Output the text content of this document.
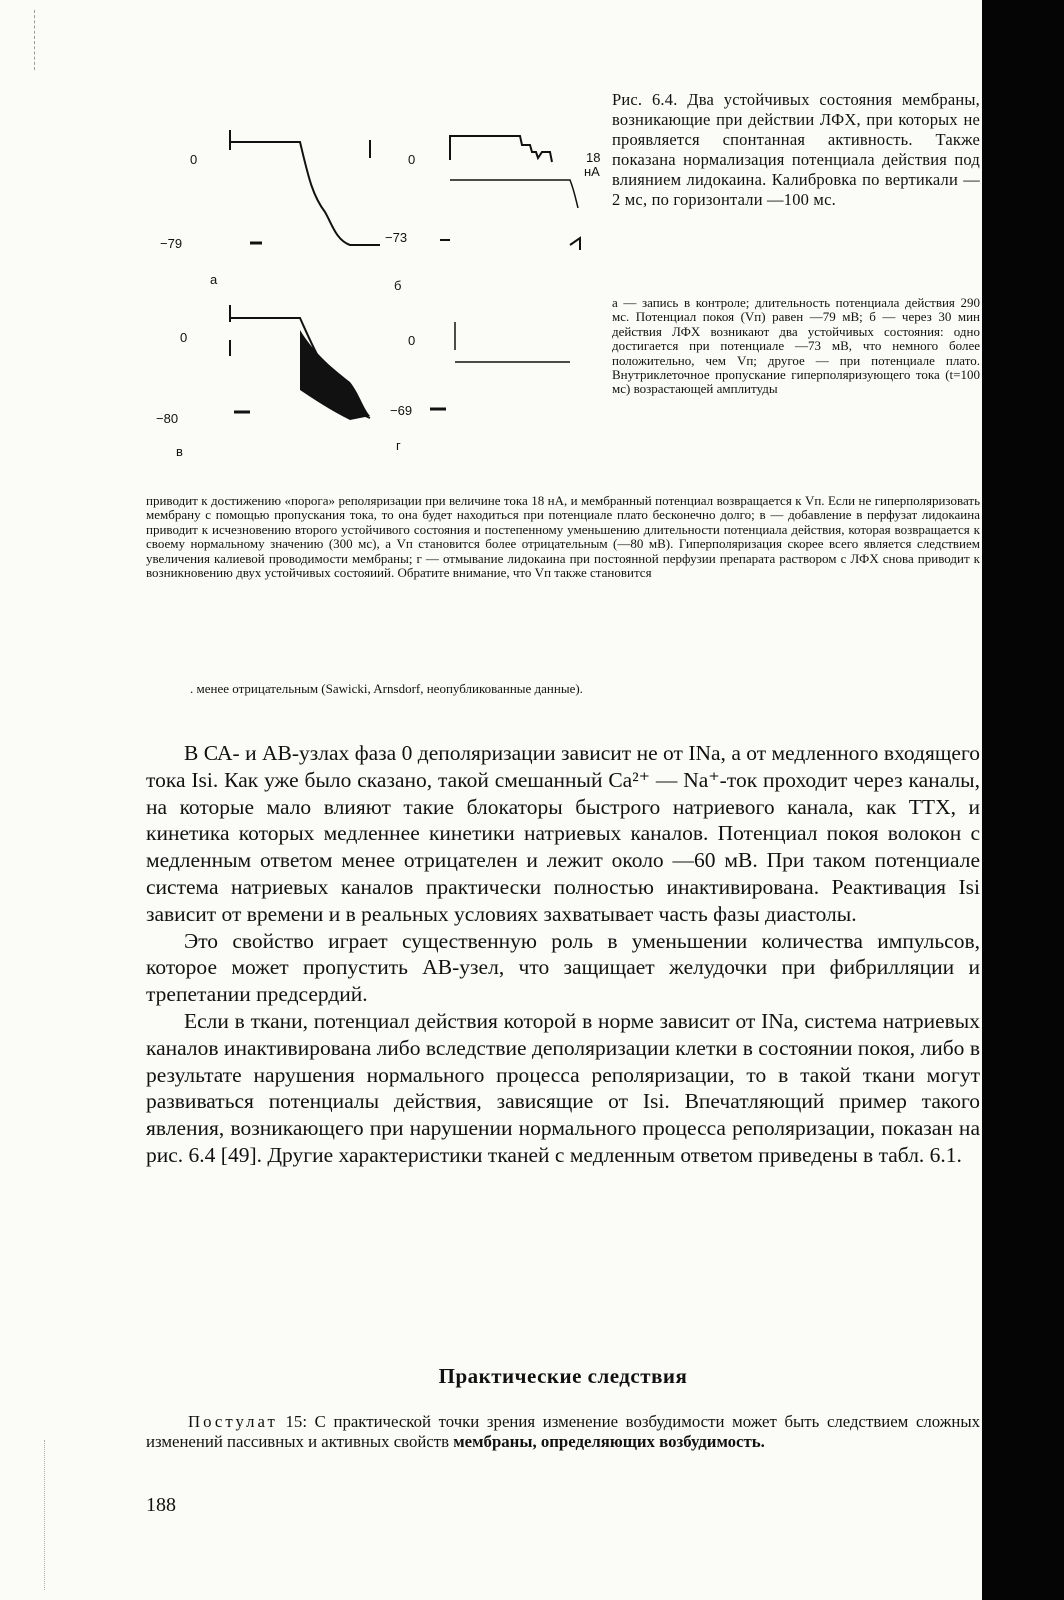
0
−79
а
0
−73
б
18
нА
0
−80
в
0
−69
г
Рис. 6.4. Два устойчивых состояния мембраны, возникающие при действии ЛФХ, при которых не проявляется спонтанная активность. Также показана нормализация потенциала действия под влиянием лидокаина. Калибровка по вертикали —2 мс, по горизонтали —100 мс.
а — запись в контроле; длительность потенциала действия 290 мс. Потенциал покоя (Vп) равен —79 мВ; б — через 30 мин действия ЛФХ возникают два устойчивых состояния: одно достигается при потенциале —73 мВ, что немного более положительно, чем Vп; другое — при потенциале плато. Внутриклеточное пропускание гиперполяризующего тока (t=100 мс) возрастающей амплитуды
приводит к достижению «порога» реполяризации при величине тока 18 нА, и мембранный потенциал возвращается к Vп. Если не гиперполяризовать мембрану с помощью пропускания тока, то она будет находиться при потенциале плато бесконечно долго; в — добавление в перфузат лидокаина приводит к исчезновению второго устойчивого состояния и постепенному уменьшению длительности потенциала действия, которая возвращается к своему нормальному значению (300 мс), а Vп становится более отрицательным (—80 мВ). Гиперполяризация скорее всего является следствием увеличения калиевой проводимости мембраны; г — отмывание лидокаина при постоянной перфузии препарата раствором с ЛФХ снова приводит к возникновению двух устойчивых состояиий. Обратите внимание, что Vп также становится
. менее отрицательным (Sawicki, Arnsdorf, неопубликованные данные).

В СА- и АВ-узлах фаза 0 деполяризации зависит не от INa, а от медленного входящего тока Isi. Как уже было сказано, такой смешанный Ca²⁺ — Na⁺-ток проходит через каналы, на которые мало влияют такие блокаторы быстрого натриевого канала, как ТТХ, и кинетика которых медленнее кинетики натриевых каналов. Потенциал покоя волокон с медленным ответом менее отрицателен и лежит около —60 мВ. При таком потенциале система натриевых каналов практически полностью инактивирована. Реактивация Isi зависит от времени и в реальных условиях захватывает часть фазы диастолы.

Это свойство играет существенную роль в уменьшении количества импульсов, которое может пропустить АВ-узел, что защищает желудочки при фибрилляции и трепетании предсердий.

Если в ткани, потенциал действия которой в норме зависит от INa, система натриевых каналов инактивирована либо вследствие деполяризации клетки в состоянии покоя, либо в результате нарушения нормального процесса реполяризации, то в такой ткани могут развиваться потенциалы действия, зависящие от Isi. Впечатляющий пример такого явления, возникающего при нарушении нормального процесса реполяризации, показан на рис. 6.4 [49]. Другие характеристики тканей с медленным ответом приведены в табл. 6.1.

Практические следствия
Постулат 15: С практической точки зрения изменение возбудимости может быть следствием сложных изменений пассивных и активных свойств мембраны, определяющих возбудимость.
188
